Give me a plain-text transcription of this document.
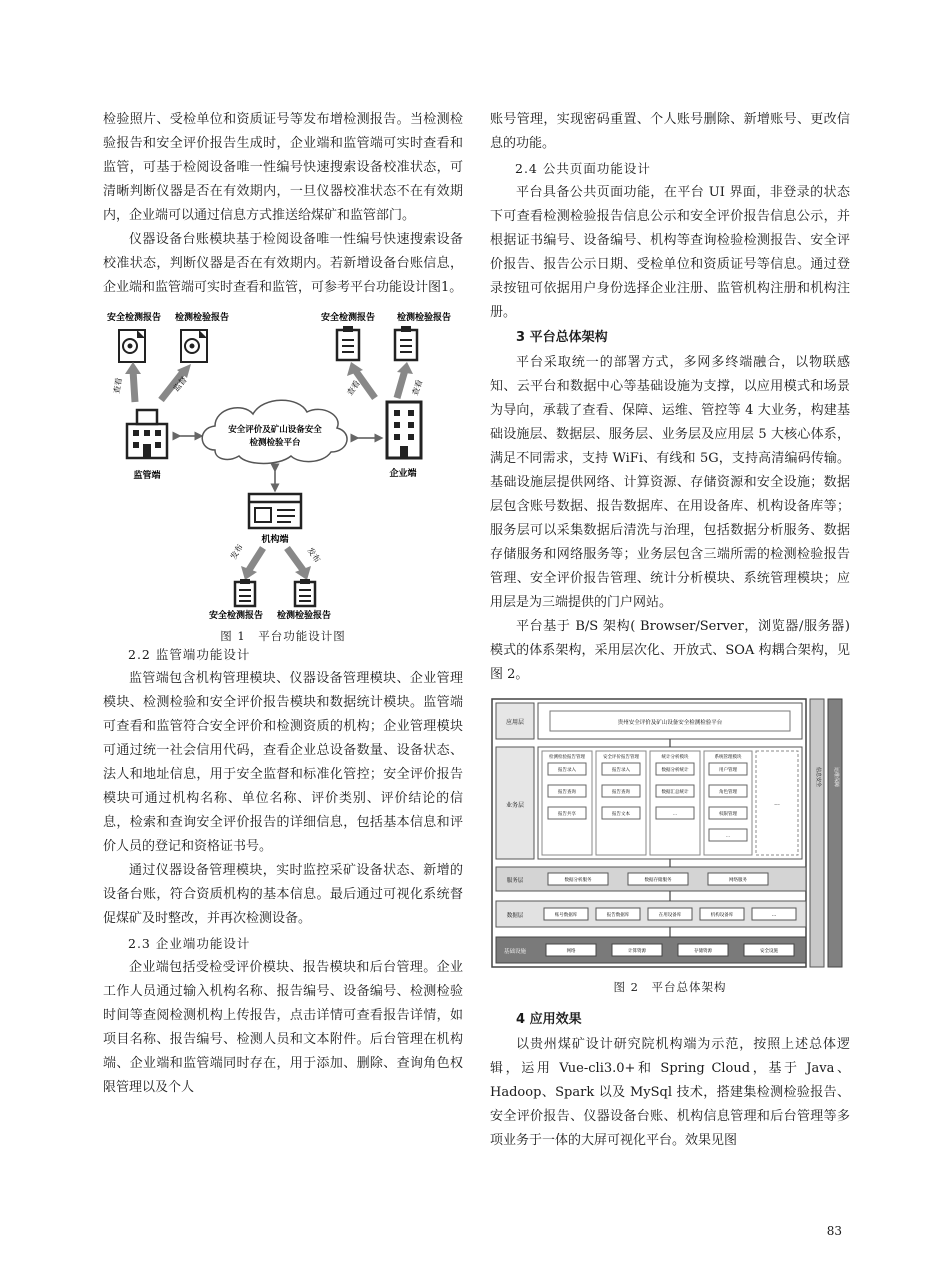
检验照片、受检单位和资质证号等发布增检测报告。当检测检验报告和安全评价报告生成时，企业端和监管端可实时查看和监管，可基于检阅设备唯一性编号快速搜索设备校准状态，可清晰判断仪器是否在有效期内，一旦仪器校准状态不在有效期内，企业端可以通过信息方式推送给煤矿和监管部门。

仪器设备台账模块基于检阅设备唯一性编号快速搜索设备校准状态，判断仪器是否在有效期内。若新增设备台账信息，企业端和监管端可实时查看和监管，可参考平台功能设计图1。

安全检测报告 检测检验报告
查看	监督
监管端
安全评价及矿山设备安全
检测检验平台
安全检测报告 检测检验报告
查看	查看
企业端
机构端
发布	发布
安全检测报告 检测检验报告
图 1　平台功能设计图
2.2 监管端功能设计

监管端包含机构管理模块、仪器设备管理模块、企业管理模块、检测检验和安全评价报告模块和数据统计模块。监管端可查看和监管符合安全评价和检测资质的机构；企业管理模块可通过统一社会信用代码，查看企业总设备数量、设备状态、法人和地址信息，用于安全监督和标准化管控；安全评价报告模块可通过机构名称、单位名称、评价类别、评价结论的信息，检索和查询安全评价报告的详细信息，包括基本信息和评价人员的登记和资格证书号。

通过仪器设备管理模块，实时监控采矿设备状态、新增的设备台账，符合资质机构的基本信息。最后通过可视化系统督促煤矿及时整改，并再次检测设备。

2.3 企业端功能设计

企业端包括受检受评价模块、报告模块和后台管理。企业工作人员通过输入机构名称、报告编号、设备编号、检测检验时间等查阅检测机构上传报告，点击详情可查看报告详情，如项目名称、报告编号、检测人员和文本附件。后台管理在机构端、企业端和监管端同时存在，用于添加、删除、查询角色权限管理以及个人

账号管理，实现密码重置、个人账号删除、新增账号、更改信息的功能。

2.4 公共页面功能设计

平台具备公共页面功能，在平台 UI 界面，非登录的状态下可查看检测检验报告信息公示和安全评价报告信息公示，并根据证书编号、设备编号、机构等查询检验检测报告、安全评价报告、报告公示日期、受检单位和资质证号等信息。通过登录按钮可依据用户身份选择企业注册、监管机构注册和机构注册。

3 平台总体架构

平台采取统一的部署方式，多网多终端融合，以物联感知、云平台和数据中心等基础设施为支撑，以应用模式和场景为导向，承载了查看、保障、运维、管控等 4 大业务，构建基础设施层、数据层、服务层、业务层及应用层 5 大核心体系，满足不同需求，支持 WiFi、有线和 5G，支持高清编码传输。基础设施层提供网络、计算资源、存储资源和安全设施；数据层包含账号数据、报告数据库、在用设备库、机构设备库等；服务层可以采集数据后清洗与治理，包括数据分析服务、数据存储服务和网络服务等；业务层包含三端所需的检测检验报告管理、安全评价报告管理、统计分析模块、系统管理模块；应用层是为三端提供的门户网站。

平台基于 B/S 架构( Browser/Server，浏览器/服务器) 模式的体系架构，采用层次化、开放式、SOA 构耦合架构，见图 2。

应用层	贵州安全评价及矿山设备安全检测检验平台
业务层
检测检验报告管理
报告录入
报告查询
报告共享
安全评价报告管理
报告录入
报告查询
报告文本
统计分析模块
数据分析统计
数据汇总统计
...
系统管理模块
用户管理
角色管理
权限管理
...
...
服务层	数据分析服务	数据存储服务	网络服务
数据层	账号数据库	报告数据库	在用设备库	机构设备库	...
基础设施	网络	计算资源	存储资源	安全设施
信息安全 运维保障
图 2　平台总体架构
4 应用效果

以贵州煤矿设计研究院机构端为示范，按照上述总体逻辑，运用 Vue-cli3.0+和 Spring Cloud，基于 Java、Hadoop、Spark 以及 MySql 技术，搭建集检测检验报告、安全评价报告、仪器设备台账、机构信息管理和后台管理等多项业务于一体的大屏可视化平台。效果见图

83
